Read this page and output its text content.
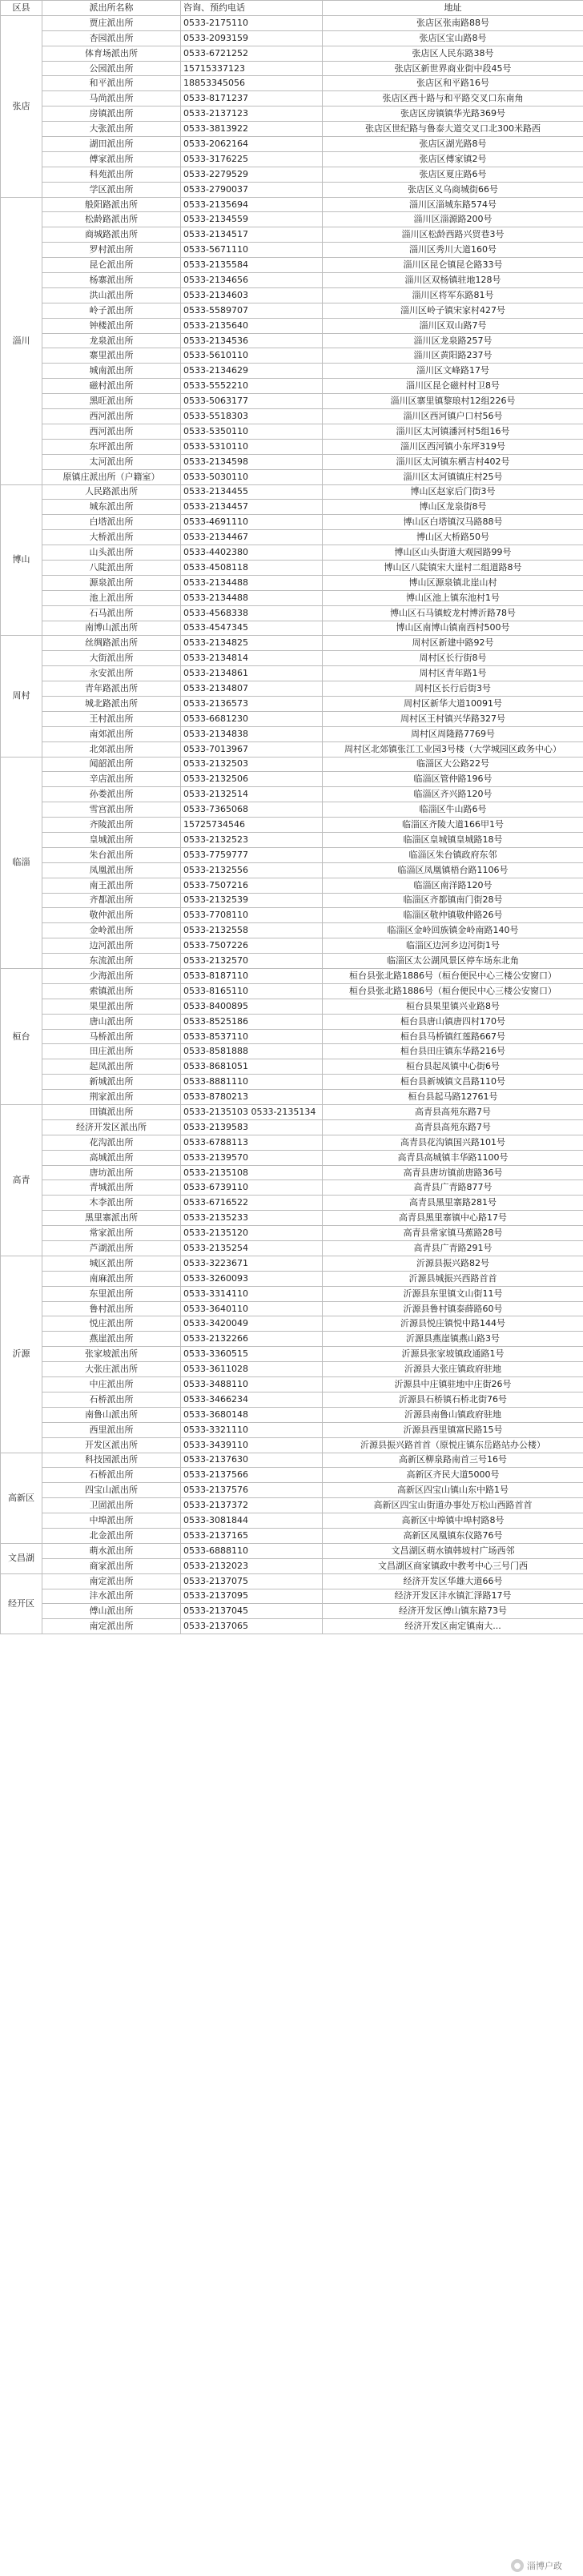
区县	派出所名称	咨询、预约电话	地址
张店	贾庄派出所	0533-2175110	张店区张南路88号
	杏园派出所	0533-2093159	张店区宝山路8号
	体育场派出所	0533-6721252	张店区人民东路38号
	公园派出所	15715337123	张店区新世界商业街中段45号
	和平派出所	18853345056	张店区和平路16号
	马尚派出所	0533-8171237	张店区西十路与和平路交叉口东南角
	房镇派出所	0533-2137123	张店区房镇镇华光路369号
	大张派出所	0533-3813922	张店区世纪路与鲁泰大道交叉口北300米路西
	湖田派出所	0533-2062164	张店区湖光路8号
	傅家派出所	0533-3176225	张店区傅家镇2号
	科苑派出所	0533-2279529	张店区夏庄路6号
	学区派出所	0533-2790037	张店区义乌商城街66号
淄川	般阳路派出所	0533-2135694	淄川区淄城东路574号
	松龄路派出所	0533-2134559	淄川区淄源路200号
	商城路派出所	0533-2134517	淄川区松龄西路兴贸巷3号
	罗村派出所	0533-5671110	淄川区秀川大道160号
	昆仑派出所	0533-2135584	淄川区昆仑镇昆仑路33号
	杨寨派出所	0533-2134656	淄川区双杨镇驻地128号
	洪山派出所	0533-2134603	淄川区将军东路81号
	岭子派出所	0533-5589707	淄川区岭子镇宋家村427号
	钟楼派出所	0533-2135640	淄川区双山路7号
	龙泉派出所	0533-2134536	淄川区龙泉路257号
	寨里派出所	0533-5610110	淄川区黄阳路237号
	城南派出所	0533-2134629	淄川区文峰路17号
	磁村派出所	0533-5552210	淄川区昆仑磁村村卫8号
	黑旺派出所	0533-5063177	淄川区寨里镇黎琅村12组226号
	西河派出所	0533-5518303	淄川区西河镇户口村56号
	西河派出所	0533-5350110	淄川区太河镇潘河村5组16号
	东坪派出所	0533-5310110	淄川区西河镇小东坪319号
	太河派出所	0533-2134598	淄川区太河镇东栖吉村402号
	原镇庄派出所（户籍室）	0533-5030110	淄川区太河镇镇庄村25号
博山	人民路派出所	0533-2134455	博山区赵家后门街3号
	城东派出所	0533-2134457	博山区龙泉街8号
	白塔派出所	0533-4691110	博山区白塔镇汉马路88号
	大桥派出所	0533-2134467	博山区大桥路50号
	山头派出所	0533-4402380	博山区山头街道大观园路99号
	八陡派出所	0533-4508118	博山区八陡镇宋大崖村二组道路8号
	源泉派出所	0533-2134488	博山区源泉镇北崖山村
	池上派出所	0533-2134488	博山区池上镇东池村1号
	石马派出所	0533-4568338	博山区石马镇蛟龙村博沂路78号
	南博山派出所	0533-4547345	博山区南博山镇南西村500号
周村	丝绸路派出所	0533-2134825	周村区新建中路92号
	大街派出所	0533-2134814	周村区长行街8号
	永安派出所	0533-2134861	周村区青年路1号
	青年路派出所	0533-2134807	周村区长行后街3号
	城北路派出所	0533-2136573	周村区新华大道10091号
	王村派出所	0533-6681230	周村区王村镇兴华路327号
	南郊派出所	0533-2134838	周村区周隆路7769号
	北郊派出所	0533-7013967	周村区北郊镇张江工业园3号楼（大学城园区政务中心）
临淄	闻韶派出所	0533-2132503	临淄区大公路22号
	辛店派出所	0533-2132506	临淄区管仲路196号
	孙娄派出所	0533-2132514	临淄区齐兴路120号
	雪宫派出所	0533-7365068	临淄区牛山路6号
	齐陵派出所	15725734546	临淄区齐陵大道166甲1号
	皇城派出所	0533-2132523	临淄区皇城镇皇城路18号
	朱台派出所	0533-7759777	临淄区朱台镇政府东邻
	凤凰派出所	0533-2132556	临淄区凤凰镇梧台路1106号
	南王派出所	0533-7507216	临淄区南洋路120号
	齐都派出所	0533-2132539	临淄区齐都镇南门街28号
	敬仲派出所	0533-7708110	临淄区敬仲镇敬仲路26号
	金岭派出所	0533-2132558	临淄区金岭回族镇金岭南路140号
	边河派出所	0533-7507226	临淄区边河乡边河街1号
	东流派出所	0533-2132570	临淄区太公湖风景区停车场东北角
桓台	少海派出所	0533-8187110	桓台县张北路1886号（桓台便民中心三楼公安窗口）
	索镇派出所	0533-8165110	桓台县张北路1886号（桓台便民中心三楼公安窗口）
	果里派出所	0533-8400895	桓台县果里镇兴业路8号
	唐山派出所	0533-8525186	桓台县唐山镇唐四村170号
	马桥派出所	0533-8537110	桓台县马桥镇红莲路667号
	田庄派出所	0533-8581888	桓台县田庄镇东华路216号
	起凤派出所	0533-8681051	桓台县起凤镇中心街6号
	新城派出所	0533-8881110	桓台县新城镇文昌路110号
	荆家派出所	0533-8780213	桓台县起马路12761号
高青	田镇派出所	0533-2135103 0533-2135134	高青县高苑东路7号
	经济开发区派出所	0533-2139583	高青县高苑东路7号
	花沟派出所	0533-6788113	高青县花沟镇国兴路101号
	高城派出所	0533-2139570	高青县高城镇丰华路1100号
	唐坊派出所	0533-2135108	高青县唐坊镇前唐路36号
	青城派出所	0533-6739110	高青县广青路877号
	木李派出所	0533-6716522	高青县黑里寨路281号
	黑里寨派出所	0533-2135233	高青县黑里寨镇中心路17号
	常家派出所	0533-2135120	高青县常家镇马蕉路28号
	芦湖派出所	0533-2135254	高青县广青路291号
沂源	城区派出所	0533-3223671	沂源县振兴路82号
	南麻派出所	0533-3260093	沂源县城振兴西路首首
	东里派出所	0533-3314110	沂源县东里镇文山街11号
	鲁村派出所	0533-3640110	沂源县鲁村镇泰薛路60号
	悦庄派出所	0533-3420049	沂源县悦庄镇悦中路144号
	燕崖派出所	0533-2132266	沂源县燕崖镇燕山路3号
	张家坡派出所	0533-3360515	沂源县张家坡镇政通路1号
	大张庄派出所	0533-3611028	沂源县大张庄镇政府驻地
	中庄派出所	0533-3488110	沂源县中庄镇驻地中庄街26号
	石桥派出所	0533-3466234	沂源县石桥镇石桥北街76号
	南鲁山派出所	0533-3680148	沂源县南鲁山镇政府驻地
	西里派出所	0533-3321110	沂源县西里镇富民路15号
	开发区派出所	0533-3439110	沂源县振兴路首首（原悦庄镇东岳路站办公楼）
高新区	科技园派出所	0533-2137630	高新区柳泉路南首三号16号
	石桥派出所	0533-2137566	高新区齐民大道5000号
	四宝山派出所	0533-2137576	高新区四宝山镇山东中路1号
	卫固派出所	0533-2137372	高新区四宝山街道办事处万松山西路首首
	中埠派出所	0533-3081844	高新区中埠镇中埠村路8号
	北金派出所	0533-2137165	高新区凤凰镇东仪路76号
文昌湖	萌水派出所	0533-6888110	文昌湖区萌水镇韩坡村广场西邻
	商家派出所	0533-2132023	文昌湖区商家镇政中教考中心三号门西
经开区	南定派出所	0533-2137075	经济开发区华雄大道66号
	沣水派出所	0533-2137095	经济开发区沣水镇汇泽路17号
	傅山派出所	0533-2137045	经济开发区傅山镇东路73号
	南定派出所	0533-2137065	经济开发区南定镇南大...
● 淄博户政
